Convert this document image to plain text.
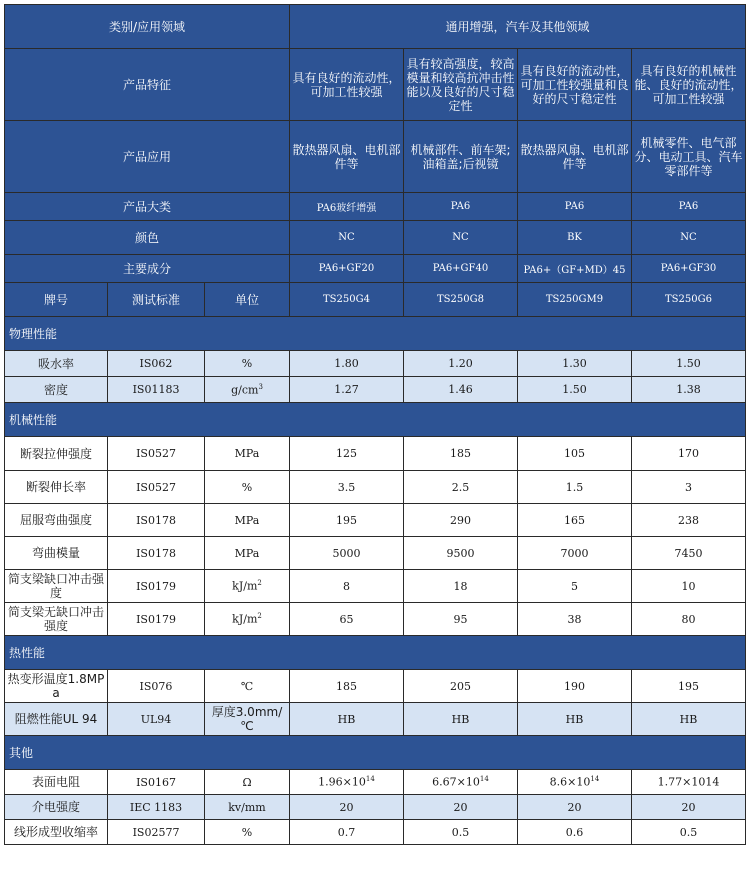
类别/应用领域			通用增强，汽车及其他领域			
产品特征			具有良好的流动性，可加工性较强	具有较高强度，较高模量和较高抗冲击性能以及良好的尺寸稳定性	具有良好的流动性，可加工性较强量和良好的尺寸稳定性	具有良好的机械性能、良好的流动性，可加工性较强
产品应用			散热器风扇、电机部件等	机械部件、前车架;油箱盖;后视镜	散热器风扇、电机部件等	机械零件、电气部分、电动工具、汽车零部件等
产品大类			PA6玻纤增强	PA6	PA6	PA6
颜色			NC	NC	BK	NC
主要成分			PA6+GF20	PA6+GF40	PA6+（GF+MD）45	PA6+GF30
牌号	测试标准	单位	TS250G4	TS250G8	TS250GM9	TS250G6
物理性能						
吸水率	IS062	%	1.80	1.20	1.30	1.50
密度	IS01183	$g/cm^3$	1.27	1.46	1.50	1.38
机械性能						
断裂拉伸强度	IS0527	MPa	125	185	105	170
断裂伸长率	IS0527	%	3.5	2.5	1.5	3
屈服弯曲强度	IS0178	MPa	195	290	165	238
弯曲模量	IS0178	MPa	5000	9500	7000	7450
简支梁缺口冲击强度	IS0179	$kJ/m^2$	8	18	5	10
简支梁无缺口冲击强度	IS0179	$kJ/m^2$	65	95	38	80
热性能						
热变形温度1.8MPa	IS076	℃	185	205	190	195
阻燃性能UL 94	UL94	厚度3.0mm/℃	HB	HB	HB	HB
其他						
表面电阻	IS0167	Ω	$1.96\times 10^{14}$	$6.67\times 10^{14}$	$8.6\times 10^{14}$	1.77×1014
介电强度	IEC 1183	kv/mm	20	20	20	20
线形成型收缩率	IS02577	%	0.7	0.5	0.6	0.5
